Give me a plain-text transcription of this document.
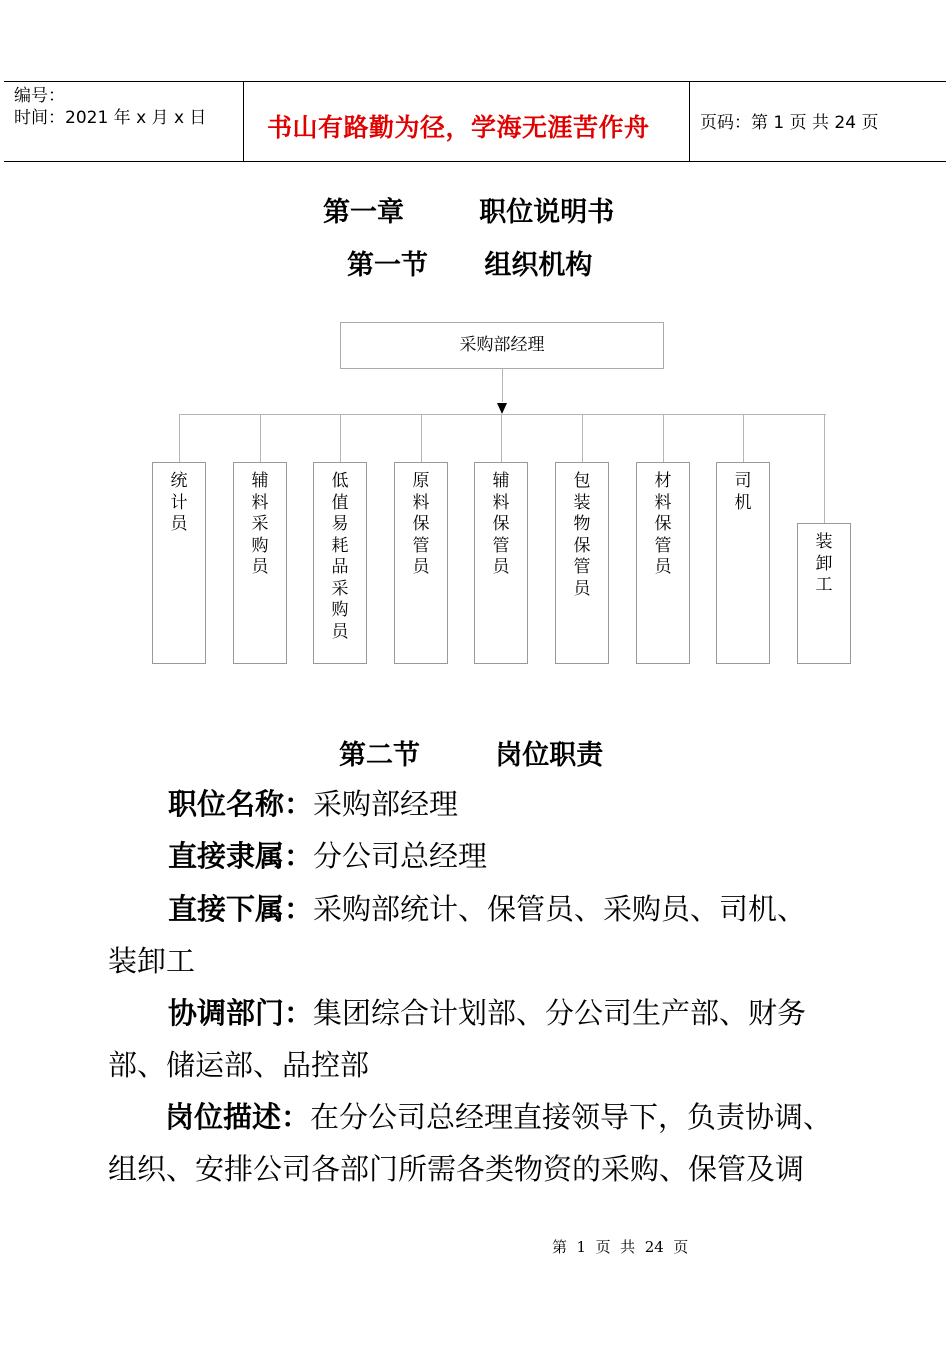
编号：
时间：2021 年 x 月 x 日 书山有路勤为径，学海无涯苦作舟	页码：第 1 页 共 24 页
第一章        职位说明书
第一节      组织机构
采购部经理
统
计
员
辅
料
采
购
员
低
值
易
耗
品
采
购
员
原
料
保
管
员
辅
料
保
管
员
包
装
物
保
管
员
材
料
保
管
员
司
机
装
卸
工
第二节        岗位职责
职位名称：采购部经理
直接隶属：分公司总经理
直接下属：采购部统计、保管员、采购员、司机、
装卸工
协调部门：集团综合计划部、分公司生产部、财务
部、储运部、品控部
岗位描述：在分公司总经理直接领导下，负责协调、
组织、安排公司各部门所需各类物资的采购、保管及调
第  1  页  共  24  页
